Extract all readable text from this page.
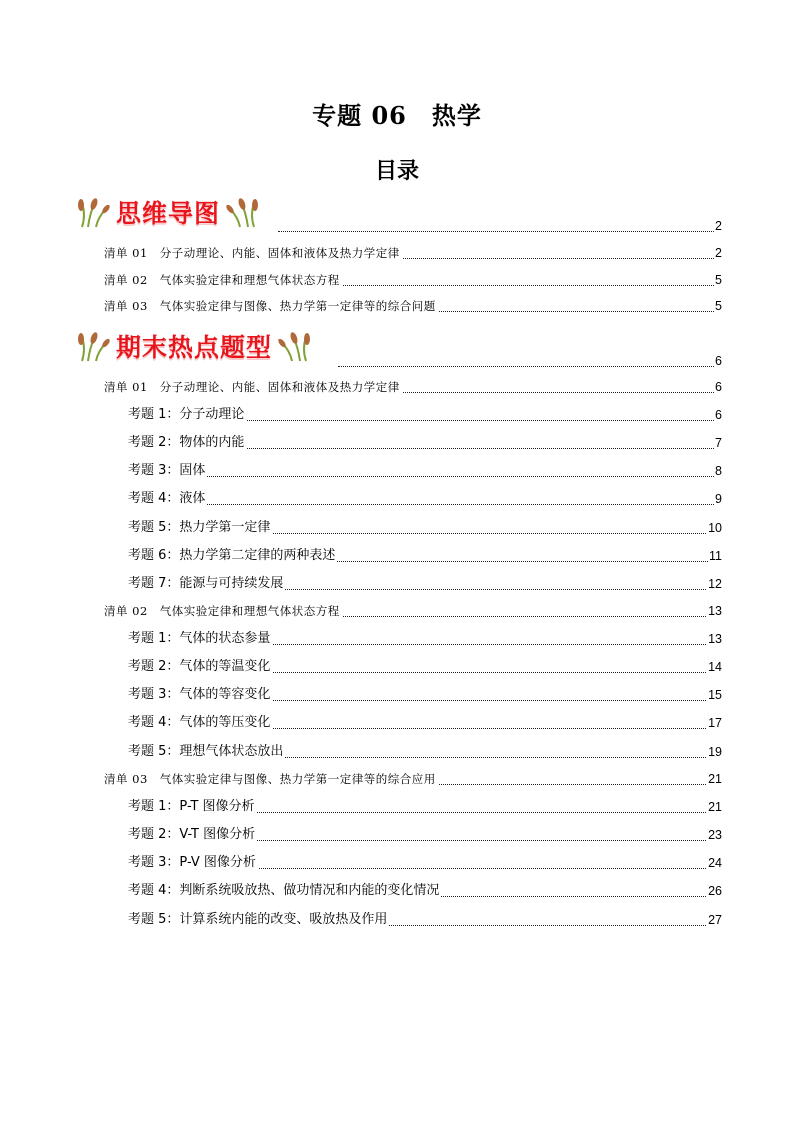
专题 06　热学
目录
思维导图	2
清单 01　分子动理论、内能、固体和液体及热力学定律	2
清单 02　气体实验定律和理想气体状态方程	5
清单 03　气体实验定律与图像、热力学第一定律等的综合问题	5
期末热点题型	6
清单 01　分子动理论、内能、固体和液体及热力学定律	6
考题 1：分子动理论	6
考题 2：物体的内能	7
考题 3：固体	8
考题 4：液体	9
考题 5：热力学第一定律	10
考题 6：热力学第二定律的两种表述	11
考题 7：能源与可持续发展	12
清单 02　气体实验定律和理想气体状态方程	13
考题 1：气体的状态参量	13
考题 2：气体的等温变化	14
考题 3：气体的等容变化	15
考题 4：气体的等压变化	17
考题 5：理想气体状态放出	19
清单 03　气体实验定律与图像、热力学第一定律等的综合应用	21
考题 1：P-T 图像分析	21
考题 2：V-T 图像分析	23
考题 3：P-V 图像分析	24
考题 4：判断系统吸放热、做功情况和内能的变化情况	26
考题 5：计算系统内能的改变、吸放热及作用	27
